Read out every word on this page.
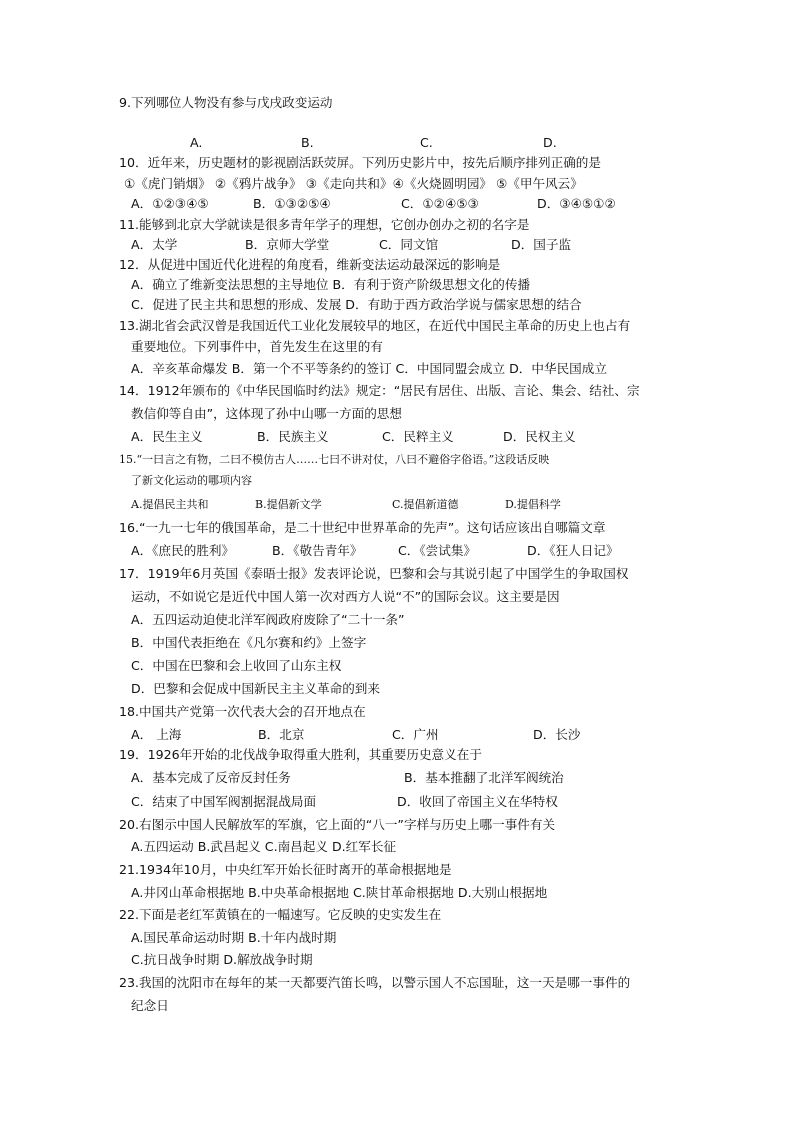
9.下列哪位人物没有参与戊戌政变运动
A.	B.	C.	D.
10．近年来，历史题材的影视剧活跃荧屏。下列历史影片中，按先后顺序排列正确的是
①《虎门销烟》 ②《鸦片战争》 ③《走向共和》④《火烧圆明园》 ⑤《甲午风云》
A．①②③④⑤	B．①③②⑤④	C．①②④⑤③	D．③④⑤①②
11.能够到北京大学就读是很多青年学子的理想，它创办创办之初的名字是
A．太学	B．京师大学堂	C．同文馆	D．国子监
12．从促进中国近代化进程的角度看，维新变法运动最深远的影响是
A．确立了维新变法思想的主导地位 B．有利于资产阶级思想文化的传播
C．促进了民主共和思想的形成、发展 D．有助于西方政治学说与儒家思想的结合
13.湖北省会武汉曾是我国近代工业化发展较早的地区，在近代中国民主革命的历史上也占有
重要地位。下列事件中，首先发生在这里的有
A．辛亥革命爆发 B．第一个不平等条约的签订 C．中国同盟会成立 D．中华民国成立
14．1912年颁布的《中华民国临时约法》规定：“居民有居住、出版、言论、集会、结社、宗
教信仰等自由”，这体现了孙中山哪一方面的思想
A．民生主义	B．民族主义	C．民粹主义	D．民权主义
15.“一曰言之有物，二曰不模仿古人……七曰不讲对仗，八曰不避俗字俗语。”这段话反映
了新文化运动的哪项内容
A.提倡民主共和	B.提倡新文学	C.提倡新道德	D.提倡科学
16.“一九一七年的俄国革命，是二十世纪中世界革命的先声”。这句话应该出自哪篇文章
A．《庶民的胜利》	B．《敬告青年》	C．《尝试集》	D．《狂人日记》
17．1919年6月英国《泰晤士报》发表评论说，巴黎和会与其说引起了中国学生的争取国权
运动，不如说它是近代中国人第一次对西方人说“不”的国际会议。这主要是因
A．五四运动迫使北洋军阀政府废除了“二十一条”
B．中国代表拒绝在《凡尔赛和约》上签字
C．中国在巴黎和会上收回了山东主权
D．巴黎和会促成中国新民主主义革命的到来
18.中国共产党第一次代表大会的召开地点在
A． 上海	B．北京	C．广州	D．长沙
19．1926年开始的北伐战争取得重大胜利，其重要历史意义在于
A．基本完成了反帝反封任务	B．基本推翻了北洋军阀统治
C．结束了中国军阀割据混战局面	D．收回了帝国主义在华特权
20.右图示中国人民解放军的军旗，它上面的“八一”字样与历史上哪一事件有关
A.五四运动 B.武昌起义 C.南昌起义 D.红军长征
21.1934年10月，中央红军开始长征时离开的革命根据地是
A.井冈山革命根据地 B.中央革命根据地 C.陕甘革命根据地 D.大别山根据地
22.下面是老红军黄镇在的一幅速写。它反映的史实发生在
A.国民革命运动时期 B.十年内战时期
C.抗日战争时期 D.解放战争时期
23.我国的沈阳市在每年的某一天都要汽笛长鸣，以警示国人不忘国耻，这一天是哪一事件的
纪念日
